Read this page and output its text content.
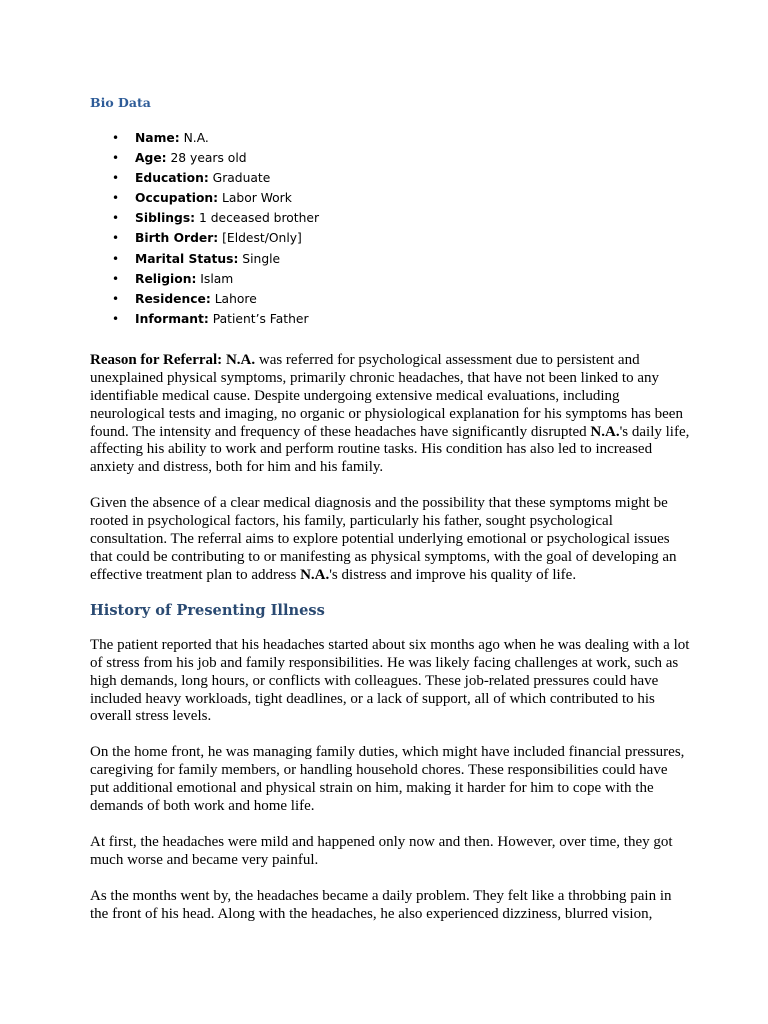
Bio Data
• Name: N.A.
• Age: 28 years old
• Education: Graduate
• Occupation: Labor Work
• Siblings: 1 deceased brother
• Birth Order: [Eldest/Only]
• Marital Status: Single
• Religion: Islam
• Residence: Lahore
• Informant: Patient’s Father

Reason for Referral: N.A. was referred for psychological assessment due to persistent and unexplained physical symptoms, primarily chronic headaches, that have not been linked to any identifiable medical cause. Despite undergoing extensive medical evaluations, including neurological tests and imaging, no organic or physiological explanation for his symptoms has been found. The intensity and frequency of these headaches have significantly disrupted N.A.'s daily life, affecting his ability to work and perform routine tasks. His condition has also led to increased anxiety and distress, both for him and his family.

Given the absence of a clear medical diagnosis and the possibility that these symptoms might be rooted in psychological factors, his family, particularly his father, sought psychological consultation. The referral aims to explore potential underlying emotional or psychological issues that could be contributing to or manifesting as physical symptoms, with the goal of developing an effective treatment plan to address N.A.'s distress and improve his quality of life.

History of Presenting Illness

The patient reported that his headaches started about six months ago when he was dealing with a lot of stress from his job and family responsibilities. He was likely facing challenges at work, such as high demands, long hours, or conflicts with colleagues. These job-related pressures could have included heavy workloads, tight deadlines, or a lack of support, all of which contributed to his overall stress levels.

On the home front, he was managing family duties, which might have included financial pressures, caregiving for family members, or handling household chores. These responsibilities could have put additional emotional and physical strain on him, making it harder for him to cope with the demands of both work and home life.

At first, the headaches were mild and happened only now and then. However, over time, they got much worse and became very painful.

As the months went by, the headaches became a daily problem. They felt like a throbbing pain in the front of his head. Along with the headaches, he also experienced dizziness, blurred vision,
